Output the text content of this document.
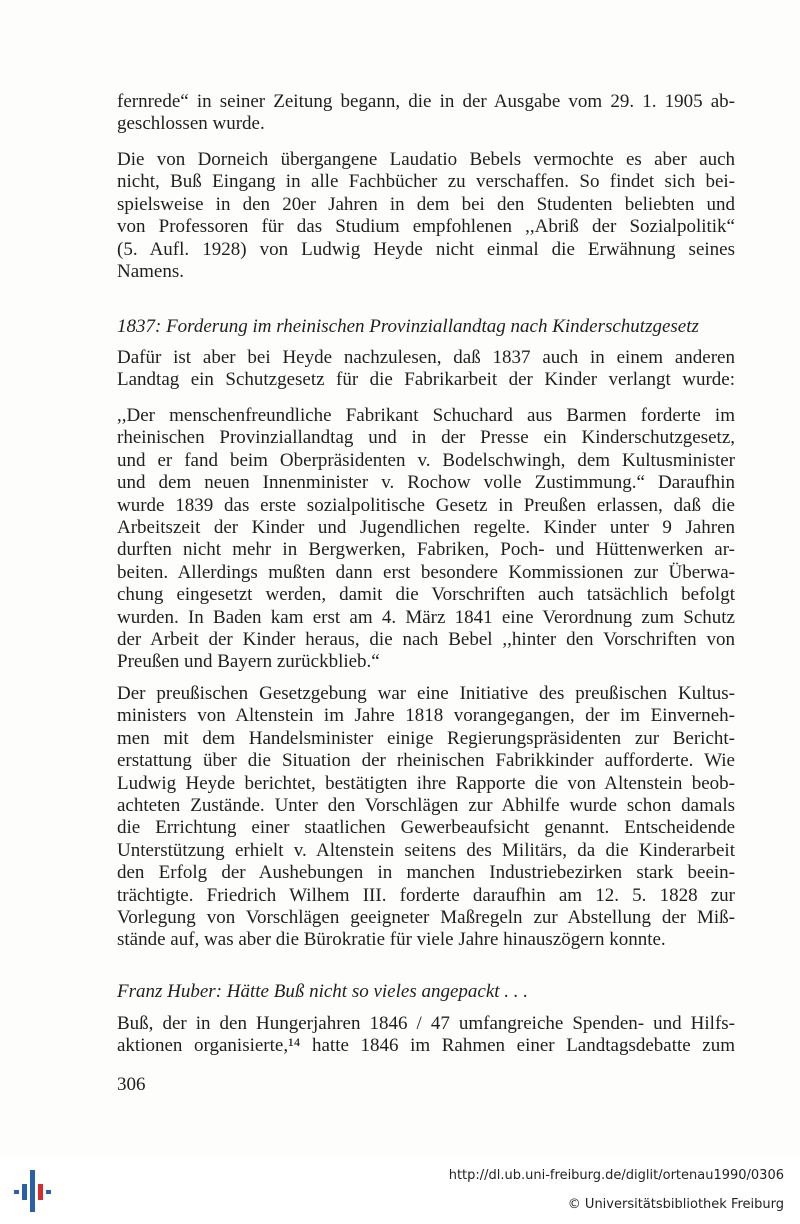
fernrede“ in seiner Zeitung begann, die in der Ausgabe vom 29. 1. 1905 ab-
geschlossen wurde.
Die von Dorneich übergangene Laudatio Bebels vermochte es aber auch
nicht, Buß Eingang in alle Fachbücher zu verschaffen. So findet sich bei-
spielsweise in den 20er Jahren in dem bei den Studenten beliebten und
von Professoren für das Studium empfohlenen ,,Abriß der Sozialpolitik“
(5. Aufl. 1928) von Ludwig Heyde nicht einmal die Erwähnung seines
Namens.
1837: Forderung im rheinischen Provinziallandtag nach Kinderschutzgesetz
Dafür ist aber bei Heyde nachzulesen, daß 1837 auch in einem anderen
Landtag ein Schutzgesetz für die Fabrikarbeit der Kinder verlangt wurde:
,,Der menschenfreundliche Fabrikant Schuchard aus Barmen forderte im
rheinischen Provinziallandtag und in der Presse ein Kinderschutzgesetz,
und er fand beim Oberpräsidenten v. Bodelschwingh, dem Kultusminister
und dem neuen Innenminister v. Rochow volle Zustimmung.“ Daraufhin
wurde 1839 das erste sozialpolitische Gesetz in Preußen erlassen, daß die
Arbeitszeit der Kinder und Jugendlichen regelte. Kinder unter 9 Jahren
durften nicht mehr in Bergwerken, Fabriken, Poch- und Hüttenwerken ar-
beiten. Allerdings mußten dann erst besondere Kommissionen zur Überwa-
chung eingesetzt werden, damit die Vorschriften auch tatsächlich befolgt
wurden. In Baden kam erst am 4. März 1841 eine Verordnung zum Schutz
der Arbeit der Kinder heraus, die nach Bebel ,,hinter den Vorschriften von
Preußen und Bayern zurückblieb.“
Der preußischen Gesetzgebung war eine Initiative des preußischen Kultus-
ministers von Altenstein im Jahre 1818 vorangegangen, der im Einverneh-
men mit dem Handelsminister einige Regierungspräsidenten zur Bericht-
erstattung über die Situation der rheinischen Fabrikkinder aufforderte. Wie
Ludwig Heyde berichtet, bestätigten ihre Rapporte die von Altenstein beob-
achteten Zustände. Unter den Vorschlägen zur Abhilfe wurde schon damals
die Errichtung einer staatlichen Gewerbeaufsicht genannt. Entscheidende
Unterstützung erhielt v. Altenstein seitens des Militärs, da die Kinderarbeit
den Erfolg der Aushebungen in manchen Industriebezirken stark beein-
trächtigte. Friedrich Wilhem III. forderte daraufhin am 12. 5. 1828 zur
Vorlegung von Vorschlägen geeigneter Maßregeln zur Abstellung der Miß-
stände auf, was aber die Bürokratie für viele Jahre hinauszögern konnte.
Franz Huber: Hätte Buß nicht so vieles angepackt . . .
Buß, der in den Hungerjahren 1846 / 47 umfangreiche Spenden- und Hilfs-
aktionen organisierte,¹⁴ hatte 1846 im Rahmen einer Landtagsdebatte zum
306
http://dl.ub.uni-freiburg.de/diglit/ortenau1990/0306
© Universitätsbibliothek Freiburg
